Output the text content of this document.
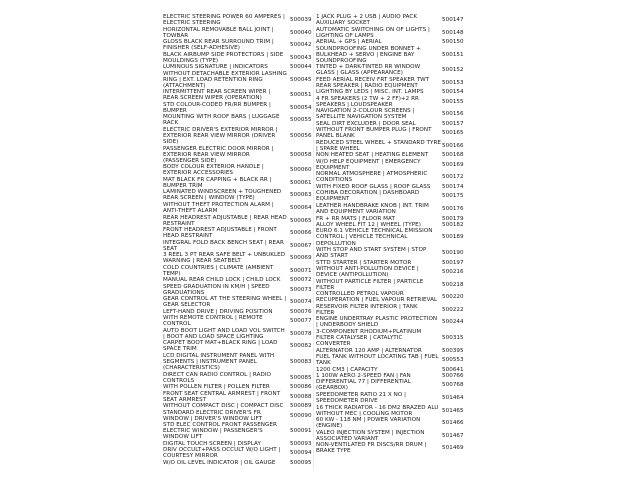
ELECTRIC STEERING POWER 60 AMPERES |
ELECTRIC STEERING
500039
HORIZONTAL REMOVABLE BALL JOINT |
TOWBAR
500040
GLOSS BLACK REAR SURROUND TRIM |
FINISHER (SELF-ADHESIVE)
500042
BLACK AIRBUMP SIDE PROTECTORS | SIDE
MOULDINGS (TYPE)
500043
LUMINOUS SIGNATURE | INDICATORS	500044
WITHOUT DETACHABLE EXTERIOR LASHING
RING | EXT. LOAD RETENTION RING
(ATTACHMENT)
500045
INTERMITTENT REAR SCREEN WIPER |
REAR SCREEN WIPER (OPERATION)
500051
STD COLOUR-CODED FR/RR BUMPER |
BUMPER
500054
MOUNTING WITH ROOF BARS | LUGGAGE
RACK
500055
ELECTRIC DRIVER'S EXTERIOR MIRROR |
EXTERIOR REAR VIEW MIRROR (DRIVER
SIDE)
500056
PASSENGER ELECTRIC DOOR MIRROR |
EXTERIOR REAR VIEW MIRROR
(PASSENGER SIDE)
500058
BODY COLOUR EXTERIOR HANDLE |
EXTERIOR ACCESSORIES
500060
MAT BLACK FR CAPPING + BLACK RR |
BUMPER TRIM
500061
LAMINATED WINDSCREEN + TOUGHENED
REAR SCREEN | WINDOW (TYPE)
500063
WITHOUT THEFT PROTECTION ALARM |
ANTI-THEFT ALARM
500064
REAR HEADREST ADJUSTABLE | REAR HEAD
RESTRAINT
500065
FRONT HEADREST ADJUSTABLE | FRONT
HEAD RESTRAINT
500066
INTEGRAL FOLD BACK BENCH SEAT | REAR
SEAT
500067
3 REEL 3 PT REAR SAFE BELT + UNBUKLED
WARNING | REAR SEATBELT
500069
COLD COUNTRIES | CLIMATE (AMBIENT
TEMP)
500071
MANUAL REAR CHILD LOCK | CHILD LOCK 500072
SPEED GRADUATION IN KM/H | SPEED
GRADUATIONS
500073
GEAR CONTROL AT THE STEERING WHEEL |
GEAR SELECTOR
500074
LEFT-HAND DRIVE | DRIVING POSITION	500076
WITH REMOTE CONTROL | REMOTE
CONTROL
500077
AUTO BOOT LIGHT AND LOAD VOL SWITCH
| BOOT AND LOAD SPACE LIGHTING
500078
CARPET BOOT MAT+BLACK RING | LOAD
SPACE TRIM
500082
LCD DIGITAL INSTRUMENT PANEL WITH
SEGMENTS | INSTRUMENT PANEL
(CHARACTERISTICS)
500083
DIRECT CAN RADIO CONTROL | RADIO
CONTROLS
500085
WITH POLLEN FILTER | POLLEN FILTER	500086
FRONT SEAT CENTRAL ARMREST | FRONT
SEAT ARMREST
500088
WITHOUT COMPACT DISC | COMPACT DISC 500089
STANDARD ELECTRIC DRIVER'S FR
WINDOW | DRIVER'S WINDOW LIFT
500090
STD ELEC CONTROL FRONT PASSENGER
ELECTRIC WINDOW | PASSENGER'S
WINDOW LIFT
500091
DIGITAL TOUCH SCREEN | DISPLAY	500093
DRIV OCCULT+PASS OCCULT W/O LIGHT |
COURTESY MIRROR
500094
W/O OIL LEVEL INDICATOR | OIL GAUGE	500095
1 JACK PLUG + 2 USB | AUDIO PACK
AUXILIARY SOCKET
500147
AUTOMATIC SWITCHING ON OF LIGHTS |
LIGHTING OF LAMPS
500148
AERIAL + GPS | AERIAL	500150
SOUNDPROOFING UNDER BONNET +
BULKHEAD + SERVO | ENGINE BAY
SOUNDPROOFING
500151
TINTED + DARK-TINTED RR WINDOW
GLASS | GLASS (APPEARANCE)
500152
FEED AERIAL RECEIV FRT SPEAKER TWT
REAR SPEAKER | RADIO EQUIPMENT
500153
LIGHTING BY LEDS | MISC. INT. LAMPS	500154
4 FR SPEAKERS (2 TW + 2 FF)+2 RR
SPEAKERS | LOUDSPEAKER
500155
NAVIGATION 2-COLOUR SCREENS |
SATELLITE NAVIGATION SYSTEM
500156
SEAL DIRT EXCLUDER | DOOR SEAL	500157
WITHOUT FRONT BUMPER PLUG | FRONT
PANEL BLANK
500165
REDUCED STEEL WHEEL + STANDARD TYRE
| SPARE WHEEL
500166
NON HEATED SEAT | HEATING ELEMENT 500168
W/O HELP EQUIPMENT | EMERGENCY
EQUIPMENT
500169
NORMAL ATMOSPHERE | ATMOSPHERIC
CONDITIONS
500172
WITH FIXED ROOF GLASS | ROOF GLASS 500174
COHIBA DECORATION | DASHBOARD
EQUIPMENT
500175
LEATHER HANDBRAKE KNOB | INT. TRIM
AND EQUIPMENT VARIATION
500176
FR + RR MATS | FLOOR MAT	500179
ALLOY WHEEL FIT 12 | WHEEL (TYPE)	500182
EURO 6.1 VEHICLE TECHNICAL EMISSION
CONTROL | VEHICLE TECHNICAL
DEPOLLUTION
500189
WITH STOP AND START SYSTEM | STOP
AND START
500190
STTD STARTER | STARTER MOTOR	500197
WITHOUT ANTI-POLLUTION DEVICE |
DEVICE (ANTIPOLLUTION)
500216
WITHOUT PARTICLE FILTER | PARTICLE
FILTER
500218
CONTROLLED PETROL VAPOUR
RECUPERATION | FUEL VAPOUR RETRIEVAL
500220
RESERVOIR FILTER INTERIOR | TANK
FILTER
500222
ENGINE UNDERTRAY PLASTIC PROTECTION
| UNDERBODY SHIELD
500244
3-COMPONENT RHODIUM+PLATINUM
FILTER CATALYSER | CATALYTIC
CONVERTER
500315
ALTERNATOR 120 AMP | ALTERNATOR	500395
FUEL TANK WITHOUT LOCATING TAB | FUEL
TANK
500553
1200 CM3 | CAPACITY	500641
1 100W AERO 2-SPEED FAN | FAN	500766
DIFFERENTIAL 77 | DIFFERENTIAL
(GEARBOX)
500768
SPEEDOMETER RATIO 21 X NO |
SPEEDOMETER DRIVE
501464
16 THICK RADIATOR - 16 DM2 BRAZED ALU
WITHOUT MEC | COOLING MOTOR
501465
60 KW - 118 NM | POWER VARIATION
(ENGINE)
501466
VALEO INJECTION SYSTEM | INJECTION
ASSOCIATED VARIANT
501467
NON-VENTILATED FR DISCS/RR DRUM |
BRAKE TYPE
501469
